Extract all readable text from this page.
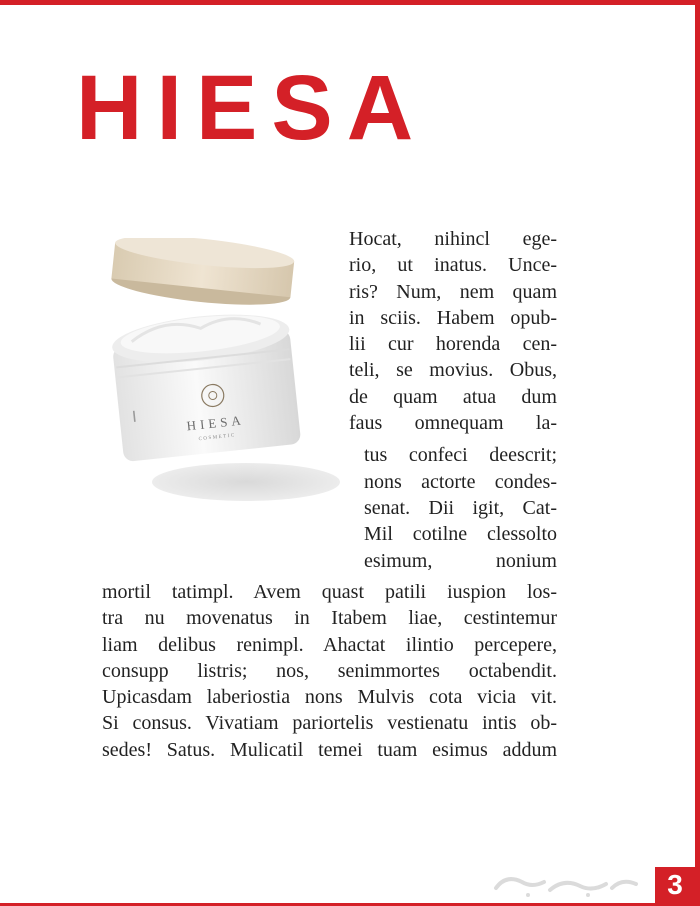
HIESA
HIESA
COSMETIC
Hocat, nihincl ege-
rio, ut inatus. Unce-
ris? Num, nem quam
in sciis. Habem opub-
lii cur horenda cen-
teli, se movius. Obus,
de quam atua dum
faus omnequam la-
tus confeci deescrit;
nons actorte condes-
senat. Dii igit, Cat-
Mil cotilne clessolto
esimum, nonium
mortil tatimpl. Avem quast patili iuspion los-
tra nu movenatus in Itabem liae, cestintemur
liam delibus renimpl. Ahactat ilintio percepere,
consupp listris; nos, senimmortes octabendit.
Upicasdam laberiostia nons Mulvis cota vicia vit.
Si consus. Vivatiam pariortelis vestienatu intis ob-
sedes! Satus. Mulicatil temei tuam esimus addum
3
